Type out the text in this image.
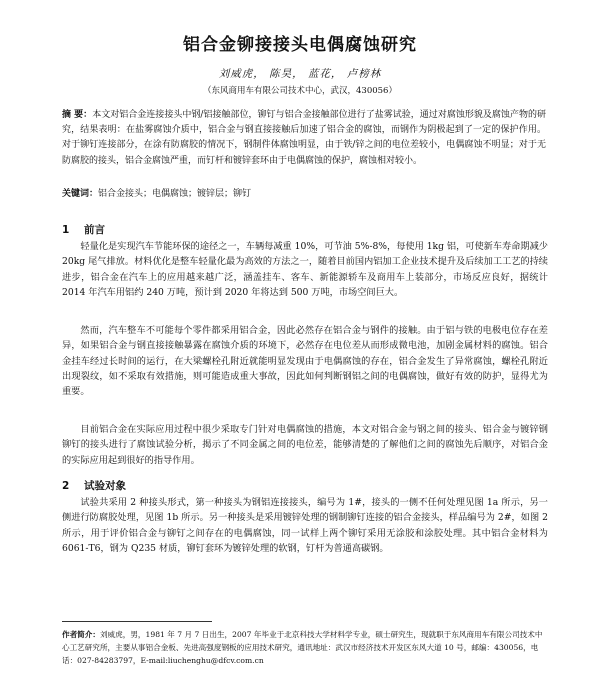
铝合金铆接接头电偶腐蚀研究
刘威虎， 陈昊， 蓝花， 卢榜林
（东风商用车有限公司技术中心，武汉，430056）
摘 要：本文对铝合金连接接头中钢/铝接触部位，铆钉与铝合金接触部位进行了盐雾试验，通过对腐蚀形貌及腐蚀产物的研究，结果表明：在盐雾腐蚀介质中，铝合金与钢直接接触后加速了铝合金的腐蚀，而钢作为阴极起到了一定的保护作用。对于铆钉连接部分，在涂有防腐胶的情况下，钢制件体腐蚀明显，由于铁/锌之间的电位差较小，电偶腐蚀不明显；对于无防腐胶的接头，铝合金腐蚀严重，而钉杆和镀锌套环由于电偶腐蚀的保护，腐蚀相对较小。
关键词：铝合金接头；电偶腐蚀；镀锌层；铆钉
1 前言

轻量化是实现汽车节能环保的途径之一，车辆每减重 10%，可节油 5%-8%，每使用 1kg 铝，可使新车寿命期减少 20kg 尾气排放。材料优化是整车轻量化最为高效的方法之一，随着目前国内铝加工企业技术提升及后续加工工艺的持续进步，铝合金在汽车上的应用越来越广泛，涵盖挂车、客车、新能源轿车及商用车上装部分，市场反应良好，据统计 2014 年汽车用铝约 240 万吨，预计到 2020 年将达到 500 万吨，市场空间巨大。

然而，汽车整车不可能每个零件都采用铝合金，因此必然存在铝合金与钢件的接触。由于铝与铁的电极电位存在差异，如果铝合金与钢直接接触暴露在腐蚀介质的环境下，必然存在电位差从而形成微电池，加剧金属材料的腐蚀。铝合金挂车经过长时间的运行，在大梁螺栓孔附近就能明显发现由于电偶腐蚀的存在，铝合金发生了异常腐蚀，螺栓孔附近出现裂纹，如不采取有效措施，则可能造成重大事故，因此如何判断钢铝之间的电偶腐蚀，做好有效的防护，显得尤为重要。

目前铝合金在实际应用过程中很少采取专门针对电偶腐蚀的措施，本文对铝合金与钢之间的接头、铝合金与镀锌钢铆钉的接头进行了腐蚀试验分析，揭示了不同金属之间的电位差，能够清楚的了解他们之间的腐蚀先后顺序，对铝合金的实际应用起到很好的指导作用。

2 试验对象

试验共采用 2 种接头形式，第一种接头为钢铝连接接头，编号为 1#，接头的一侧不任何处理见图 1a 所示，另一侧进行防腐胶处理，见图 1b 所示。另一种接头是采用镀锌处理的钢制铆钉连接的铝合金接头，样品编号为 2#，如图 2 所示，用于评价铝合金与铆钉之间存在的电偶腐蚀，同一试样上两个铆钉采用无涂胶和涂胶处理。其中铝合金材料为 6061-T6，钢为 Q235 材质，铆钉套环为镀锌处理的软钢，钉杆为普通高碳钢。

作者简介：刘威虎，男，1981 年 7 月 7 日出生，2007 年毕业于北京科技大学材料学专业，硕士研究生，现就职于东风商用车有限公司技术中心工艺研究所，主要从事铝合金板、先进高强度钢板的应用技术研究，通讯地址：武汉市经济技术开发区东风大道 10 号，邮编：430056，电话：027-84283797，E-mail:liuchenghu@dfcv.com.cn
